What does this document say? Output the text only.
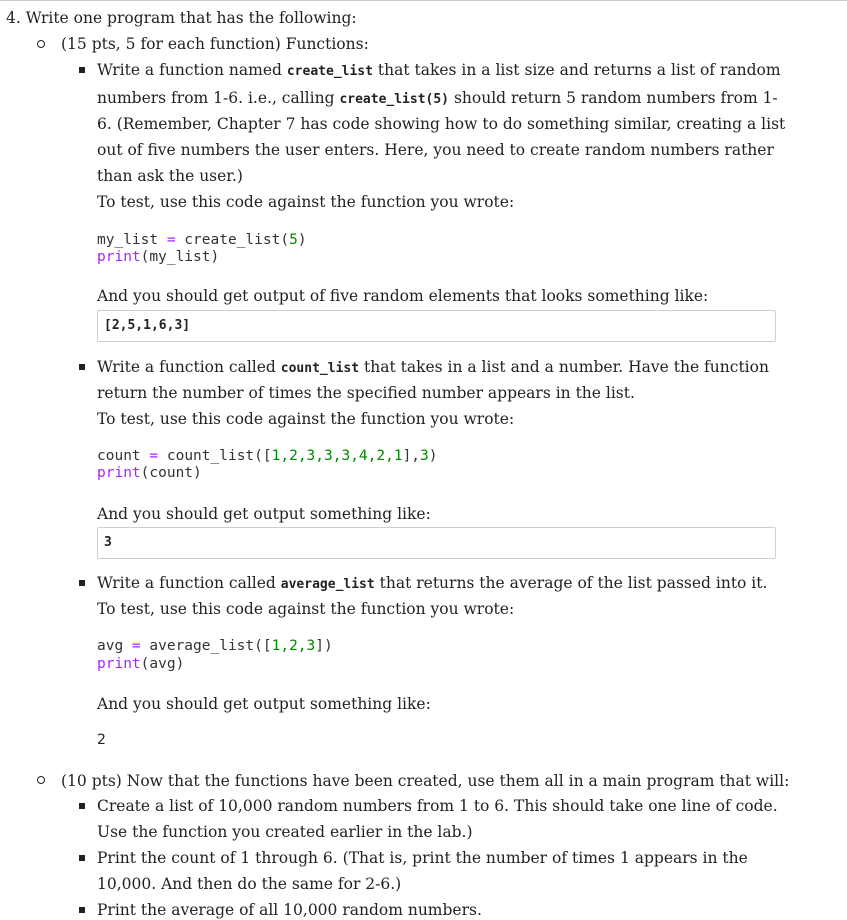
4. Write one program that has the following:
(15 pts, 5 for each function) Functions:
Write a function named create_list that takes in a list size and returns a list of random
numbers from 1-6. i.e., calling create_list(5) should return 5 random numbers from 1-
6. (Remember, Chapter 7 has code showing how to do something similar, creating a list
out of five numbers the user enters. Here, you need to create random numbers rather
than ask the user.)
To test, use this code against the function you wrote:
my_list = create_list(5)
print(my_list)
And you should get output of five random elements that looks something like:
[2,5,1,6,3]
Write a function called count_list that takes in a list and a number. Have the function
return the number of times the specified number appears in the list.
To test, use this code against the function you wrote:
count = count_list([1,2,3,3,3,4,2,1],3)
print(count)
And you should get output something like:
3
Write a function called average_list that returns the average of the list passed into it.
To test, use this code against the function you wrote:
avg = average_list([1,2,3])
print(avg)
And you should get output something like:
2
(10 pts) Now that the functions have been created, use them all in a main program that will:
Create a list of 10,000 random numbers from 1 to 6. This should take one line of code.
Use the function you created earlier in the lab.)
Print the count of 1 through 6. (That is, print the number of times 1 appears in the
10,000. And then do the same for 2-6.)
Print the average of all 10,000 random numbers.
